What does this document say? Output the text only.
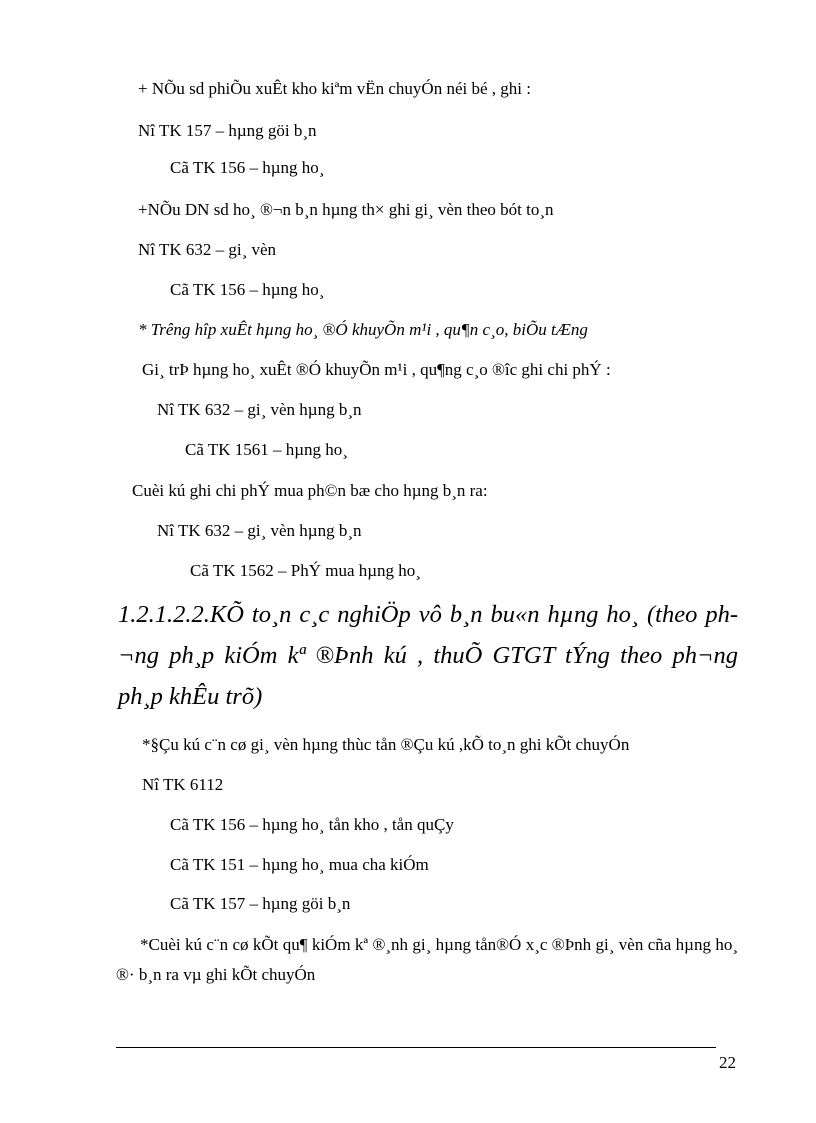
+ NÕu sd phiÕu xuÊt kho kiªm vËn chuyÓn néi bé , ghi :
Nî TK 157 – hµng göi b¸n
Cã TK 156 – hµng ho¸
+NÕu DN sd ho¸ ®¬n b¸n hµng th× ghi gi¸ vèn theo bót to¸n
Nî TK 632 – gi¸ vèn
Cã TK 156 – hµng ho¸
* Trêng hîp xuÊt hµng ho¸ ®Ó khuyÕn m¹i , qu¶n c¸o, biÕu tÆng
Gi¸ trÞ hµng ho¸ xuÊt ®Ó khuyÕn m¹i , qu¶ng c¸o ®îc ghi chi phÝ :
Nî TK 632 – gi¸ vèn hµng b¸n
Cã TK 1561 – hµng ho¸
Cuèi kú ghi chi phÝ mua ph©n bæ cho hµng b¸n ra:
Nî TK 632 – gi¸ vèn hµng b¸n
Cã TK 1562 – PhÝ mua hµng ho¸
1.2.1.2.2.KÕ to¸n c¸c nghiÖp vô b¸n bu«n hµng ho¸ (theo ph¬ng ph¸p kiÓm kª ®Þnh kú , thuÕ GTGT tÝng theo ph¬ng ph¸p khÊu trõ)
*§Çu kú c¨n cø gi¸ vèn hµng thùc tån ®Çu kú ,kÕ to¸n ghi kÕt chuyÓn
Nî TK 6112
Cã TK 156 – hµng ho¸ tån kho , tån quÇy
Cã TK 151 – hµng ho¸ mua cha kiÓm
Cã TK 157 – hµng göi b¸n
*Cuèi kú c¨n cø kÕt qu¶ kiÓm kª ®¸nh gi¸ hµng tån®Ó x¸c ®Þnh gi¸ vèn cña hµng ho¸ ®· b¸n ra vµ ghi kÕt chuyÓn
22
